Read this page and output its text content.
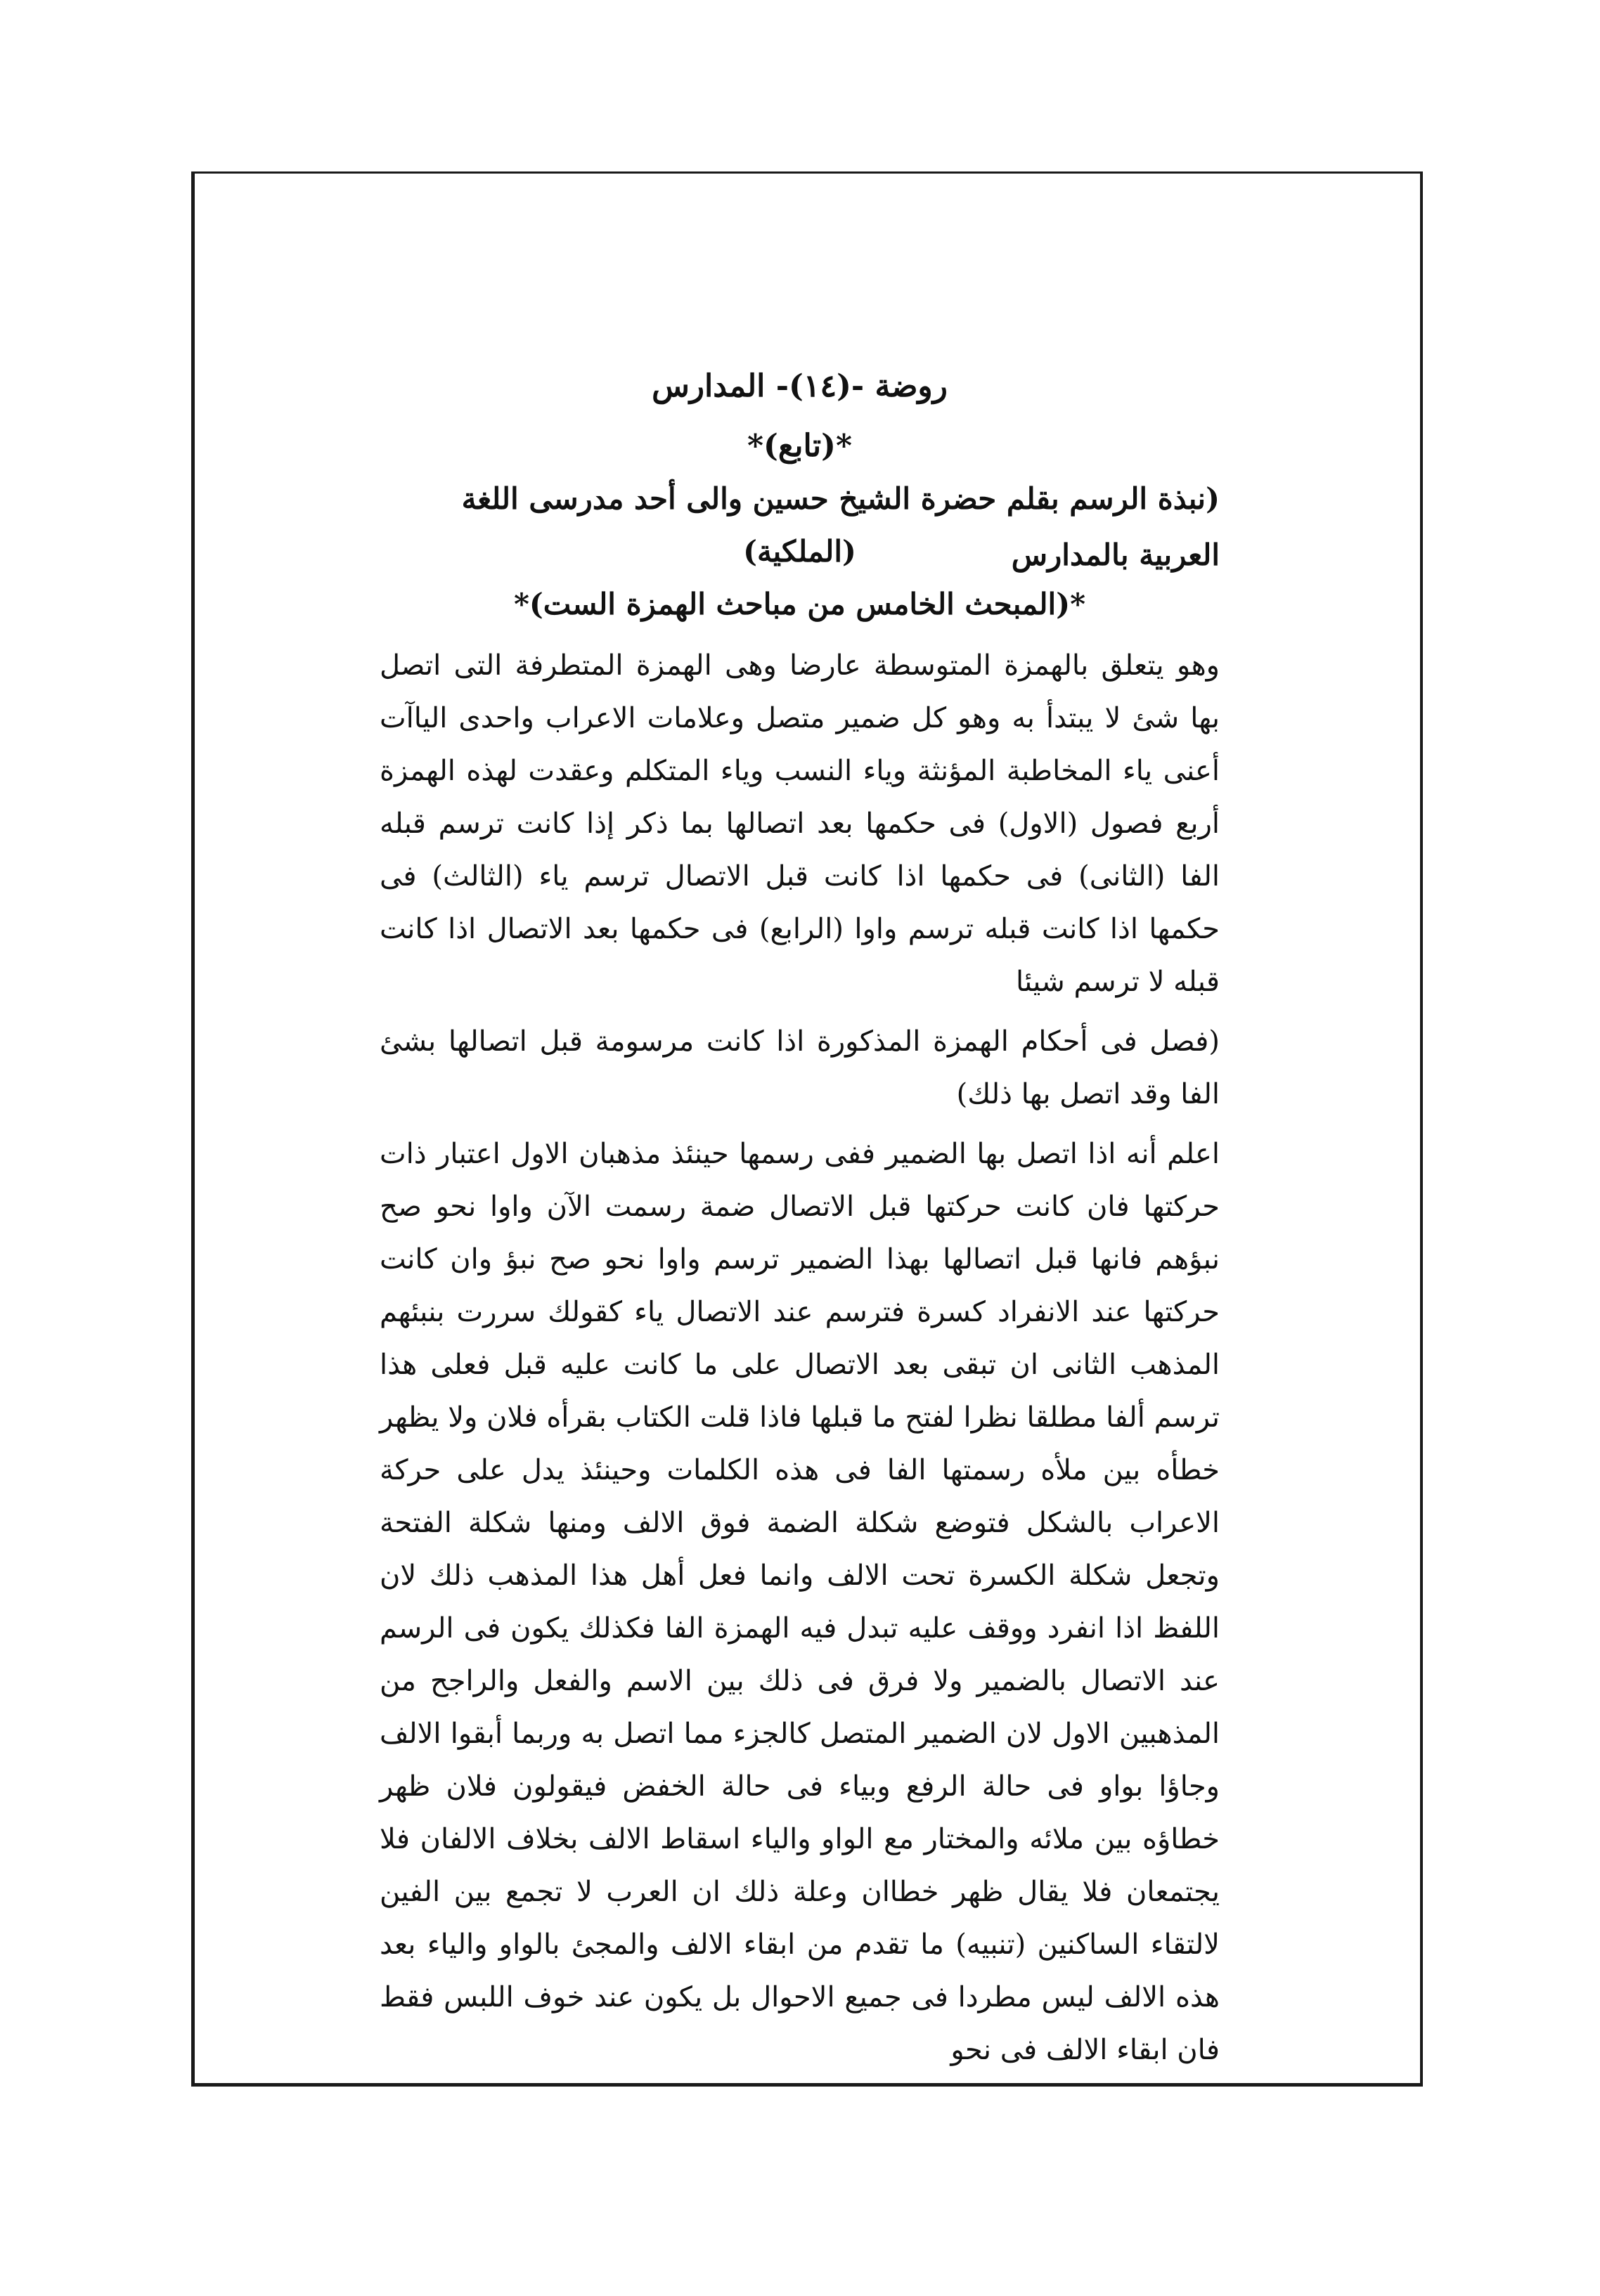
روضة -(١٤)- المدارس
*(تابع)*
(نبذة الرسم بقلم حضرة الشيخ حسين والى أحد مدرسى اللغة العربية بالمدارس
(الملكية)
*(المبحث الخامس من مباحث الهمزة الست)*
وهو يتعلق بالهمزة المتوسطة عارضا وهى الهمزة المتطرفة التى اتصل بها شئ لا يبتدأ به وهو كل ضمير متصل وعلامات الاعراب واحدى الياآت أعنى ياء المخاطبة المؤنثة وياء النسب وياء المتكلم وعقدت لهذه الهمزة أربع فصول (الاول) فى حكمها بعد اتصالها بما ذكر إذا كانت ترسم قبله الفا (الثانى) فى حكمها اذا كانت قبل الاتصال ترسم ياء (الثالث) فى حكمها اذا كانت قبله ترسم واوا (الرابع) فى حكمها بعد الاتصال اذا كانت قبله لا ترسم شيئا
(فصل فى أحكام الهمزة المذكورة اذا كانت مرسومة قبل اتصالها بشئ الفا وقد اتصل بها ذلك)
اعلم أنه اذا اتصل بها الضمير ففى رسمها حينئذ مذهبان الاول اعتبار ذات حركتها فان كانت حركتها قبل الاتصال ضمة رسمت الآن واوا نحو صح نبؤهم فانها قبل اتصالها بهذا الضمير ترسم واوا نحو صح نبؤ وان كانت حركتها عند الانفراد كسرة فترسم عند الاتصال ياء كقولك سررت بنبئهم المذهب الثانى ان تبقى بعد الاتصال على ما كانت عليه قبل فعلى هذا ترسم ألفا مطلقا نظرا لفتح ما قبلها فاذا قلت الكتاب بقرأه فلان ولا يظهر خطأه بين ملأه رسمتها الفا فى هذه الكلمات وحينئذ يدل على حركة الاعراب بالشكل فتوضع شكلة الضمة فوق الالف ومنها شكلة الفتحة وتجعل شكلة الكسرة تحت الالف وانما فعل أهل هذا المذهب ذلك لان اللفظ اذا انفرد ووقف عليه تبدل فيه الهمزة الفا فكذلك يكون فى الرسم عند الاتصال بالضمير ولا فرق فى ذلك بين الاسم والفعل والراجح من المذهبين الاول لان الضمير المتصل كالجزء مما اتصل به وربما أبقوا الالف وجاؤا بواو فى حالة الرفع وبياء فى حالة الخفض فيقولون فلان ظهر خطاؤه بين ملائه والمختار مع الواو والياء اسقاط الالف بخلاف الالفان فلا يجتمعان فلا يقال ظهر خطاان وعلة ذلك ان العرب لا تجمع بين الفين لالتقاء الساكنين (تنبيه) ما تقدم من ابقاء الالف والمجئ بالواو والياء بعد هذه الالف ليس مطردا فى جميع الاحوال بل يكون عند خوف اللبس فقط فان ابقاء الالف فى نحو
